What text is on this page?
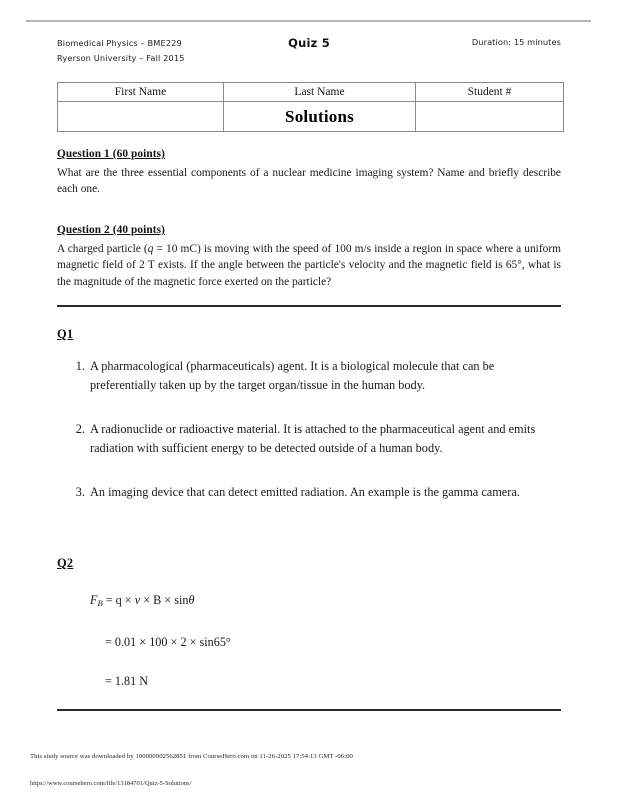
Biomedical Physics – BME229
Ryerson University – Fall 2015
Quiz 5	Duration: 15 minutes
First Name	Last Name	Student #
	Solutions	

Question 1 (60 points)

What are the three essential components of a nuclear medicine imaging system? Name and briefly describe each one.

Question 2 (40 points)

A charged particle (q = 10 mC) is moving with the speed of 100 m/s inside a region in space where a uniform magnetic field of 2 T exists. If the angle between the particle's velocity and the magnetic field is 65°, what is the magnitude of the magnetic force exerted on the particle?

Q1
1. A pharmacological (pharmaceuticals) agent. It is a biological molecule that can be preferentially taken up by the target organ/tissue in the human body.
2. A radionuclide or radioactive material. It is attached to the pharmaceutical agent and emits radiation with sufficient energy to be detected outside of a human body.
3. An imaging device that can detect emitted radiation. An example is the gamma camera.
Q2
$F_B = q \times v \times B \times \sin\theta$
= 0.01 × 100 × 2 × sin65°
= 1.81 N
This study source was downloaded by 100000902562851 from CourseHero.com on 11-26-2025 17:54:13 GMT -06:00
https://www.coursehero.com/file/13184701/Quiz-5-Solutions/
